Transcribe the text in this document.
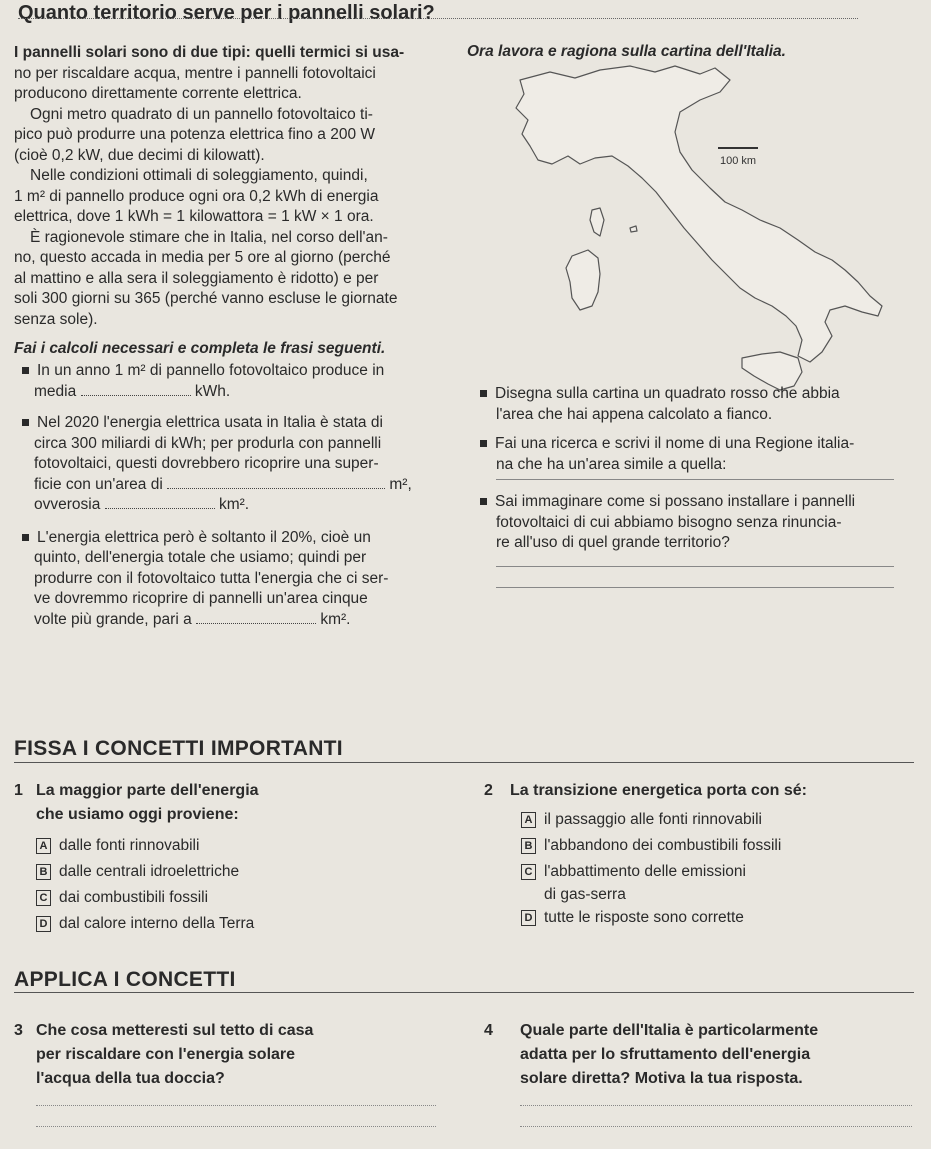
Quanto territorio serve per i pannelli solari?

I pannelli solari sono di due tipi: quelli termici si usa-

no per riscaldare acqua, mentre i pannelli fotovoltaici

producono direttamente corrente elettrica.

Ogni metro quadrato di un pannello fotovoltaico ti-

pico può produrre una potenza elettrica fino a 200 W

(cioè 0,2 kW, due decimi di kilowatt).

Nelle condizioni ottimali di soleggiamento, quindi,

1 m² di pannello produce ogni ora 0,2 kWh di energia

elettrica, dove 1 kWh = 1 kilowattora = 1 kW × 1 ora.

È ragionevole stimare che in Italia, nel corso dell'an-

no, questo accada in media per 5 ore al giorno (perché

al mattino e alla sera il soleggiamento è ridotto) e per

soli 300 giorni su 365 (perché vanno escluse le giornate

senza sole).

Fai i calcoli necessari e completa le frasi seguenti.
Ora lavora e ragiona sulla cartina dell'Italia.
100 km
In un anno 1 m² di pannello fotovoltaico produce in
media	kWh.
Nel 2020 l'energia elettrica usata in Italia è stata di
circa 300 miliardi di kWh; per produrla con pannelli
fotovoltaici, questi dovrebbero ricoprire una super-
ficie con un'area di	m²,
ovverosia	km².
L'energia elettrica però è soltanto il 20%, cioè un
quinto, dell'energia totale che usiamo; quindi per
produrre con il fotovoltaico tutta l'energia che ci ser-
ve dovremmo ricoprire di pannelli un'area cinque
volte più grande, pari a	km².
Disegna sulla cartina un quadrato rosso che abbia
l'area che hai appena calcolato a fianco.
Fai una ricerca e scrivi il nome di una Regione italia-
na che ha un'area simile a quella:
Sai immaginare come si possano installare i pannelli
fotovoltaici di cui abbiamo bisogno senza rinuncia-
re all'uso di quel grande territorio?
FISSA I CONCETTI IMPORTANTI
1 La maggior parte dell'energia
che usiamo oggi proviene:
A dalle fonti rinnovabili
B dalle centrali idroelettriche
C dai combustibili fossili
D dal calore interno della Terra
2 La transizione energetica porta con sé:
A il passaggio alle fonti rinnovabili
B l'abbandono dei combustibili fossili
C l'abbattimento delle emissioni
di gas-serra
D tutte le risposte sono corrette
APPLICA I CONCETTI
3 Che cosa metteresti sul tetto di casa
per riscaldare con l'energia solare
l'acqua della tua doccia?
4 Quale parte dell'Italia è particolarmente
adatta per lo sfruttamento dell'energia
solare diretta? Motiva la tua risposta.
